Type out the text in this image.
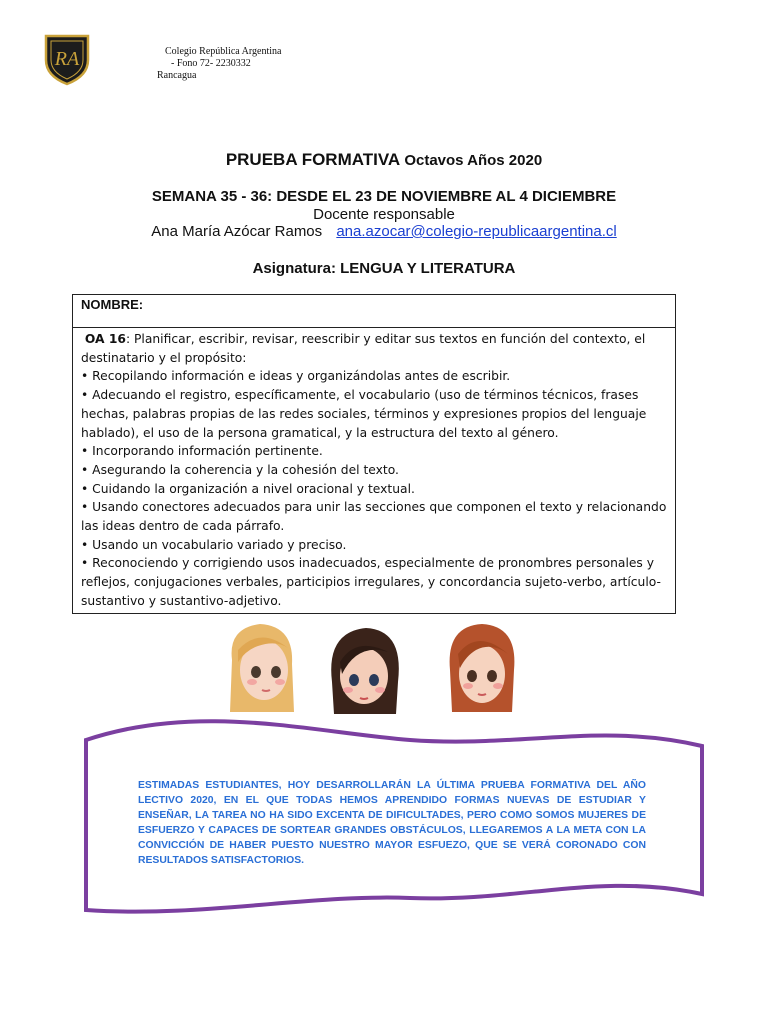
RA	Colegio República Argentina
- Fono 72- 2230332
Rancagua
PRUEBA FORMATIVA Octavos Años 2020
SEMANA 35 - 36: DESDE EL 23 DE NOVIEMBRE AL 4 DICIEMBRE
Docente responsable
Ana María Azócar Ramos ana.azocar@colegio-republicaargentina.cl
Asignatura: LENGUA Y LITERATURA
NOMBRE:

OA 16: Planificar, escribir, revisar, reescribir y editar sus textos en función del contexto, el destinatario y el propósito:

• Recopilando información e ideas y organizándolas antes de escribir.

• Adecuando el registro, específicamente, el vocabulario (uso de términos técnicos, frases hechas, palabras propias de las redes sociales, términos y expresiones propios del lenguaje hablado), el uso de la persona gramatical, y la estructura del texto al género.

• Incorporando información pertinente.

• Asegurando la coherencia y la cohesión del texto.

• Cuidando la organización a nivel oracional y textual.

• Usando conectores adecuados para unir las secciones que componen el texto y relacionando las ideas dentro de cada párrafo.

• Usando un vocabulario variado y preciso.

• Reconociendo y corrigiendo usos inadecuados, especialmente de pronombres personales y reflejos, conjugaciones verbales, participios irregulares, y concordancia sujeto-verbo, artículo-sustantivo y sustantivo-adjetivo.

ESTIMADAS ESTUDIANTES, HOY DESARROLLARÁN LA ÚLTIMA PRUEBA FORMATIVA DEL AÑO LECTIVO 2020, EN EL QUE TODAS HEMOS APRENDIDO FORMAS NUEVAS DE ESTUDIAR Y ENSEÑAR, LA TAREA NO HA SIDO EXCENTA DE DIFICULTADES, PERO COMO SOMOS MUJERES DE ESFUERZO Y CAPACES DE SORTEAR GRANDES OBSTÁCULOS, LLEGAREMOS A LA META CON LA CONVICCIÓN DE HABER PUESTO NUESTRO MAYOR ESFUEZO, QUE SE VERÁ CORONADO CON RESULTADOS SATISFACTORIOS.
